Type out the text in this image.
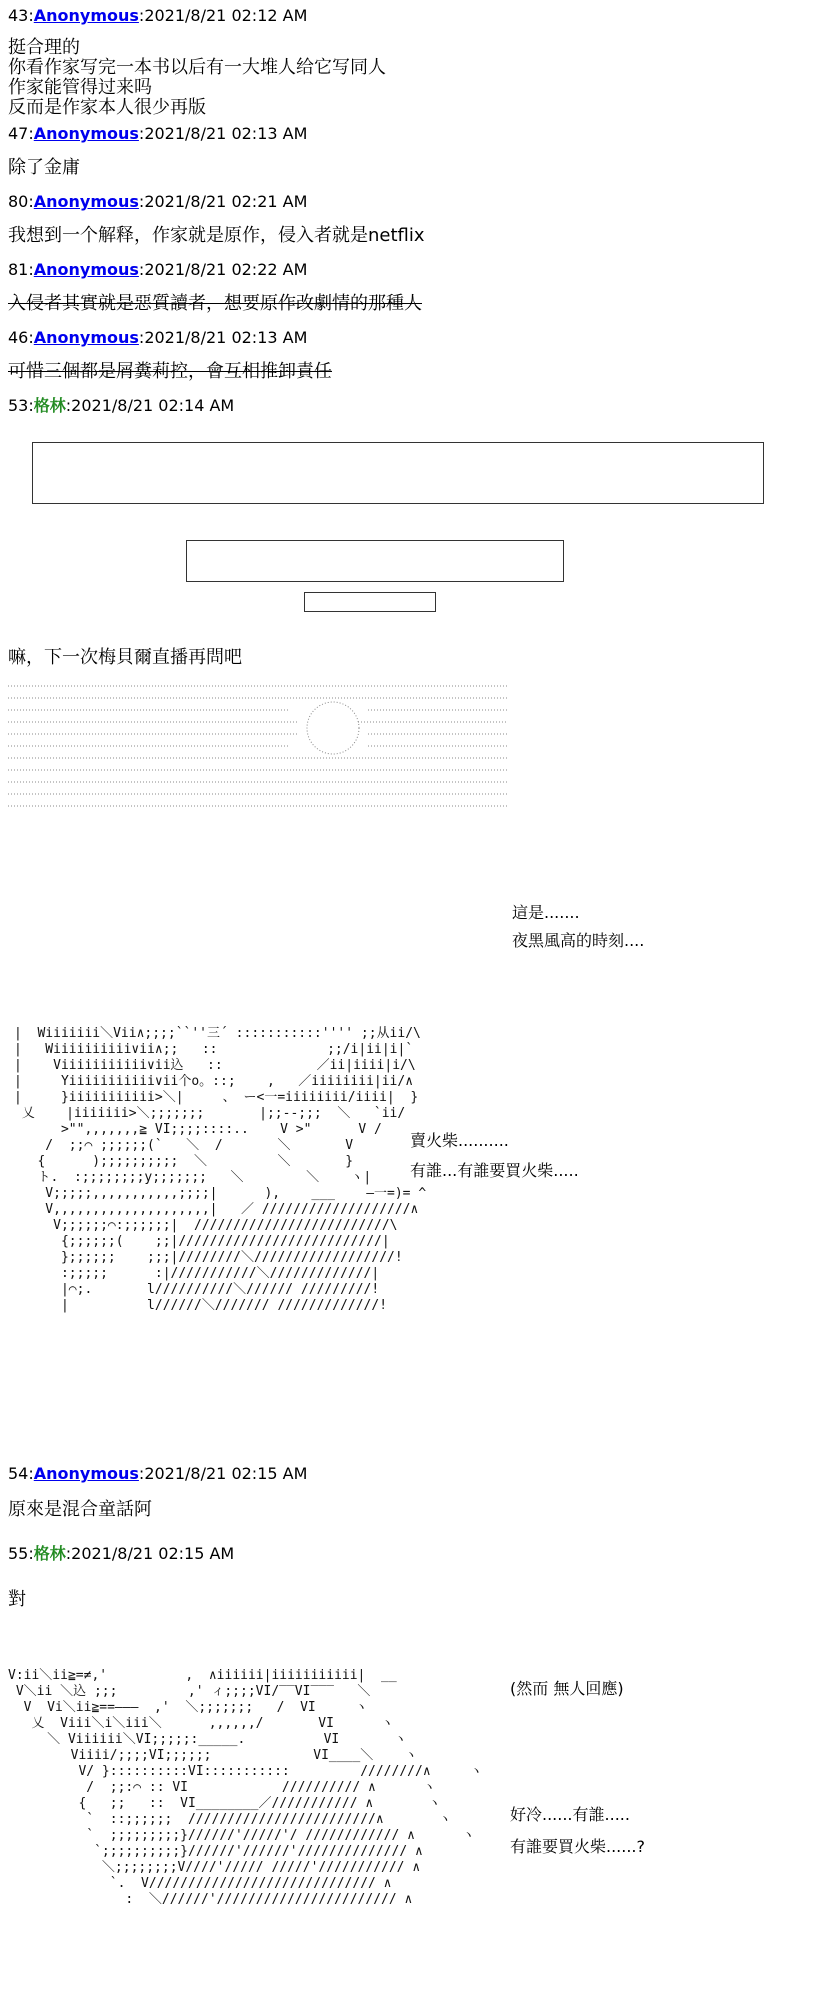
43:Anonymous:2021/8/21 02:12 AM
挺合理的
你看作家写完一本书以后有一大堆人给它写同人
作家能管得过来吗
反而是作家本人很少再版
47:Anonymous:2021/8/21 02:13 AM
除了金庸
80:Anonymous:2021/8/21 02:21 AM
我想到一个解释，作家就是原作，侵入者就是netflix
81:Anonymous:2021/8/21 02:22 AM
入侵者其實就是惡質讀者，想要原作改劇情的那種人
46:Anonymous:2021/8/21 02:13 AM
可惜三個都是屑糞莉控，會互相推卸責任
53:格林:2021/8/21 02:14 AM
嘛，下一次梅貝爾直播再問吧
這是.......
夜黑風高的時刻....
|  Wiiiiiii＼Vii∧;;;;``''三´ :::::::::::'''' ;;从ii/\
|   Wiiiiiiiiii∨ii∧;;   ::              ;;/i|ii|i|`
|    Viiiiiiiiiii∨ii込   ::            ／ii|iiii|i/\
|     Yiiiiiiiiiii∨ii个o。::;    ,   ／iiiiiiii|ii/∧
|     }iiiiiiiiiii>＼|     、 ー<一=iiiiiiii/iiii|  }
乂    |iiiiiii>＼;;;;;;;       |;;--;;;  ＼   `ii/
>"",,,,,,,≧ VI;;;;::::..    V >"      V /
/  ;;⌒ ;;;;;;(`   ＼  /       ＼       V
{      );;;;;;;;;;  ＼         ＼       }
ト.  :;;;;;;;;y;;;;;;;   ＼        ＼    ヽ|
V;;;;;,,,,,,,,,,,;;;;|      ),    ___    ―一=)= ^
V,,,,,,,,,,,,,,,,,,,,|   ／ ///////////////////∧
V;;;;;;⌒:;;;;;;|  /////////////////////////\
{;;;;;;(    ;;|//////////////////////////|
};;;;;;    ;;;|////////＼//////////////////!
:;;;;;      :|///////////＼/////////////|
|⌒;.       l//////////＼////// /////////!
|          l//////＼/////// /////////////!
賣火柴..........
有誰...有誰要買火柴.....
54:Anonymous:2021/8/21 02:15 AM
原來是混合童話阿
55:格林:2021/8/21 02:15 AM
對
V:ii＼ii≧=≠,'          ,  ∧iiiiii|iiiiiiiiiii|  __
V＼ii ＼込 ;;;         ,' ィ;;;;VI/‾‾VI‾‾‾   ＼
V  Vi＼ii≧==―――  ,'  ＼;;;;;;;   /  VI     ヽ
乂  Viii＼i＼iii＼      ,,,,,,/       VI      ヽ
＼ Viiiiii＼VI;;;;;:_____.          VI       ヽ
Viiii/;;;;VI;;;;;;             VI____＼    ヽ
V/ }::::::::::VI:::::::::::         ////////∧     ヽ
/  ;;:⌒ :: VI            ////////// ∧      ヽ
{   ;;   ::  VI________／/////////// ∧       ヽ
`  ::;;;;;;  ////////////////////////∧       ヽ
`  ;;;;;;;;;}//////'/////'/ //////////// ∧      ヽ
`;;;;;;;;;;}//////'//////'////////////// ∧
＼;;;;;;;;V////'///// /////'/////////// ∧
`.  V///////////////////////////// ∧
:  ＼//////'/////////////////////// ∧
(然而 無人回應)
好冷......有誰.....
有誰要買火柴......?
